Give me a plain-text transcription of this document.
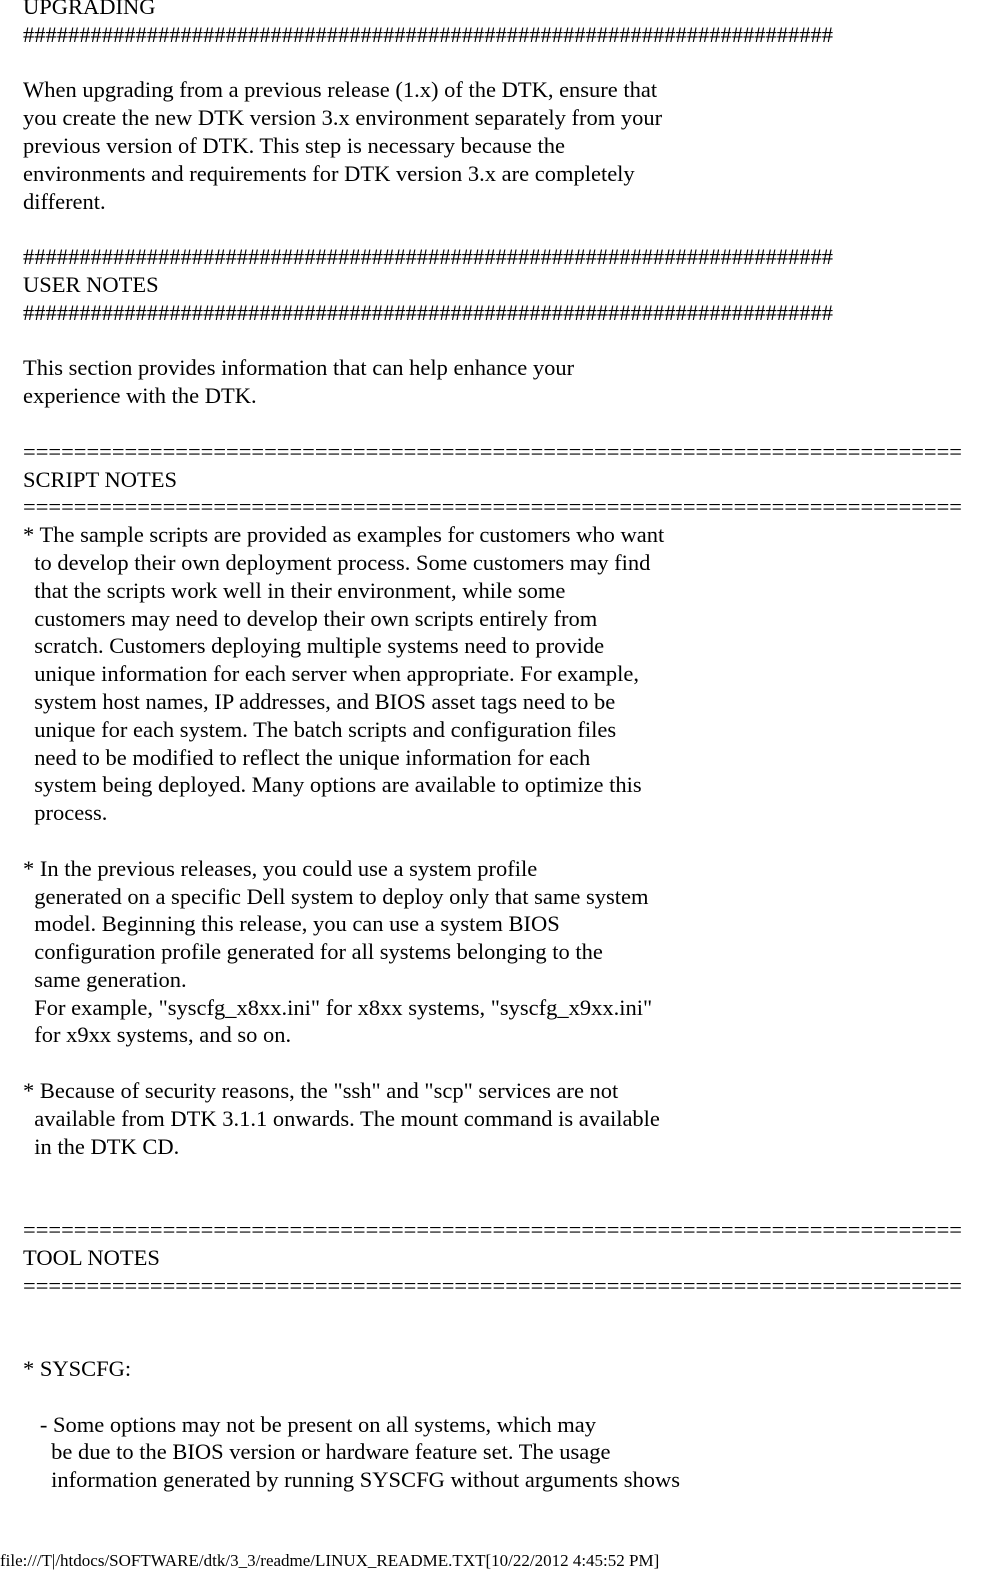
UPGRADING
########################################################################
When upgrading from a previous release (1.x) of the DTK, ensure that
you create the new DTK version 3.x environment separately from your
previous version of DTK. This step is necessary because the
environments and requirements for DTK version 3.x are completely
different.
########################################################################
USER NOTES
########################################################################
This section provides information that can help enhance your
experience with the DTK.
==========================================================================
SCRIPT NOTES
==========================================================================
* The sample scripts are provided as examples for customers who want
to develop their own deployment process. Some customers may find
that the scripts work well in their environment, while some
customers may need to develop their own scripts entirely from
scratch. Customers deploying multiple systems need to provide
unique information for each server when appropriate. For example,
system host names, IP addresses, and BIOS asset tags need to be
unique for each system. The batch scripts and configuration files
need to be modified to reflect the unique information for each
system being deployed. Many options are available to optimize this
process.
* In the previous releases, you could use a system profile
generated on a specific Dell system to deploy only that same system
model. Beginning this release, you can use a system BIOS
configuration profile generated for all systems belonging to the
same generation.
For example, "syscfg_x8xx.ini" for x8xx systems, "syscfg_x9xx.ini"
for x9xx systems, and so on.
* Because of security reasons, the "ssh" and "scp" services are not
available from DTK 3.1.1 onwards. The mount command is available
in the DTK CD.
==========================================================================
TOOL NOTES
==========================================================================
* SYSCFG:
- Some options may not be present on all systems, which may
be due to the BIOS version or hardware feature set. The usage
information generated by running SYSCFG without arguments shows
file:///T|/htdocs/SOFTWARE/dtk/3_3/readme/LINUX_README.TXT[10/22/2012 4:45:52 PM]
